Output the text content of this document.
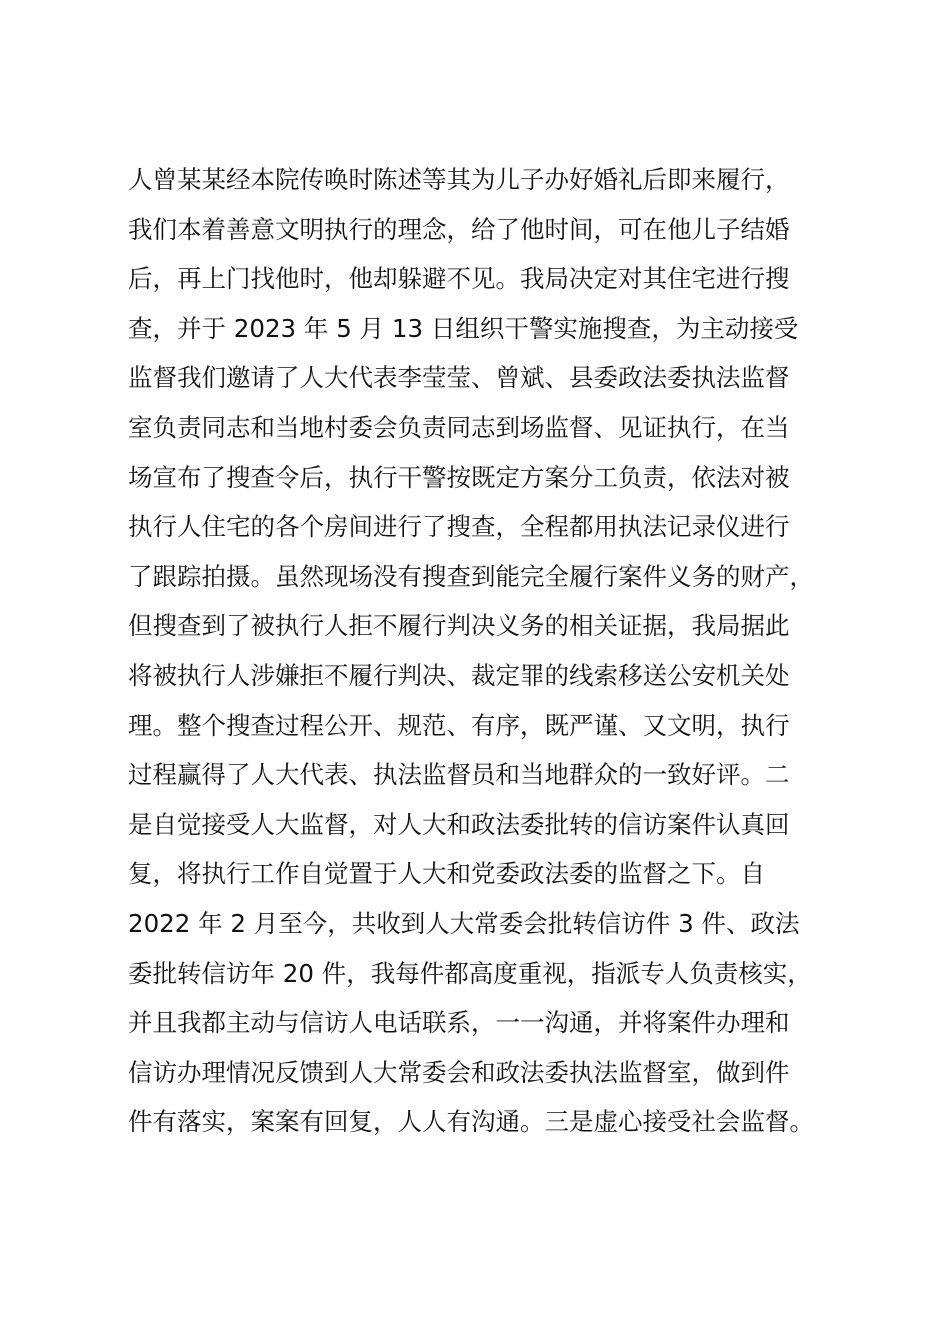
人曾某某经本院传唤时陈述等其为儿子办好婚礼后即来履行，
我们本着善意文明执行的理念，给了他时间，可在他儿子结婚
后，再上门找他时，他却躲避不见。我局决定对其住宅进行搜
查，并于 2023 年 5 月 13 日组织干警实施搜查，为主动接受
监督我们邀请了人大代表李莹莹、曾斌、县委政法委执法监督
室负责同志和当地村委会负责同志到场监督、见证执行，在当
场宣布了搜查令后，执行干警按既定方案分工负责，依法对被
执行人住宅的各个房间进行了搜查，全程都用执法记录仪进行
了跟踪拍摄。虽然现场没有搜查到能完全履行案件义务的财产，
但搜查到了被执行人拒不履行判决义务的相关证据，我局据此
将被执行人涉嫌拒不履行判决、裁定罪的线索移送公安机关处
理。整个搜查过程公开、规范、有序，既严谨、又文明，执行
过程赢得了人大代表、执法监督员和当地群众的一致好评。二
是自觉接受人大监督，对人大和政法委批转的信访案件认真回
复，将执行工作自觉置于人大和党委政法委的监督之下。自
2022 年 2 月至今，共收到人大常委会批转信访件 3 件、政法
委批转信访年 20 件，我每件都高度重视，指派专人负责核实，
并且我都主动与信访人电话联系，一一沟通，并将案件办理和
信访办理情况反馈到人大常委会和政法委执法监督室，做到件
件有落实，案案有回复，人人有沟通。三是虚心接受社会监督。
